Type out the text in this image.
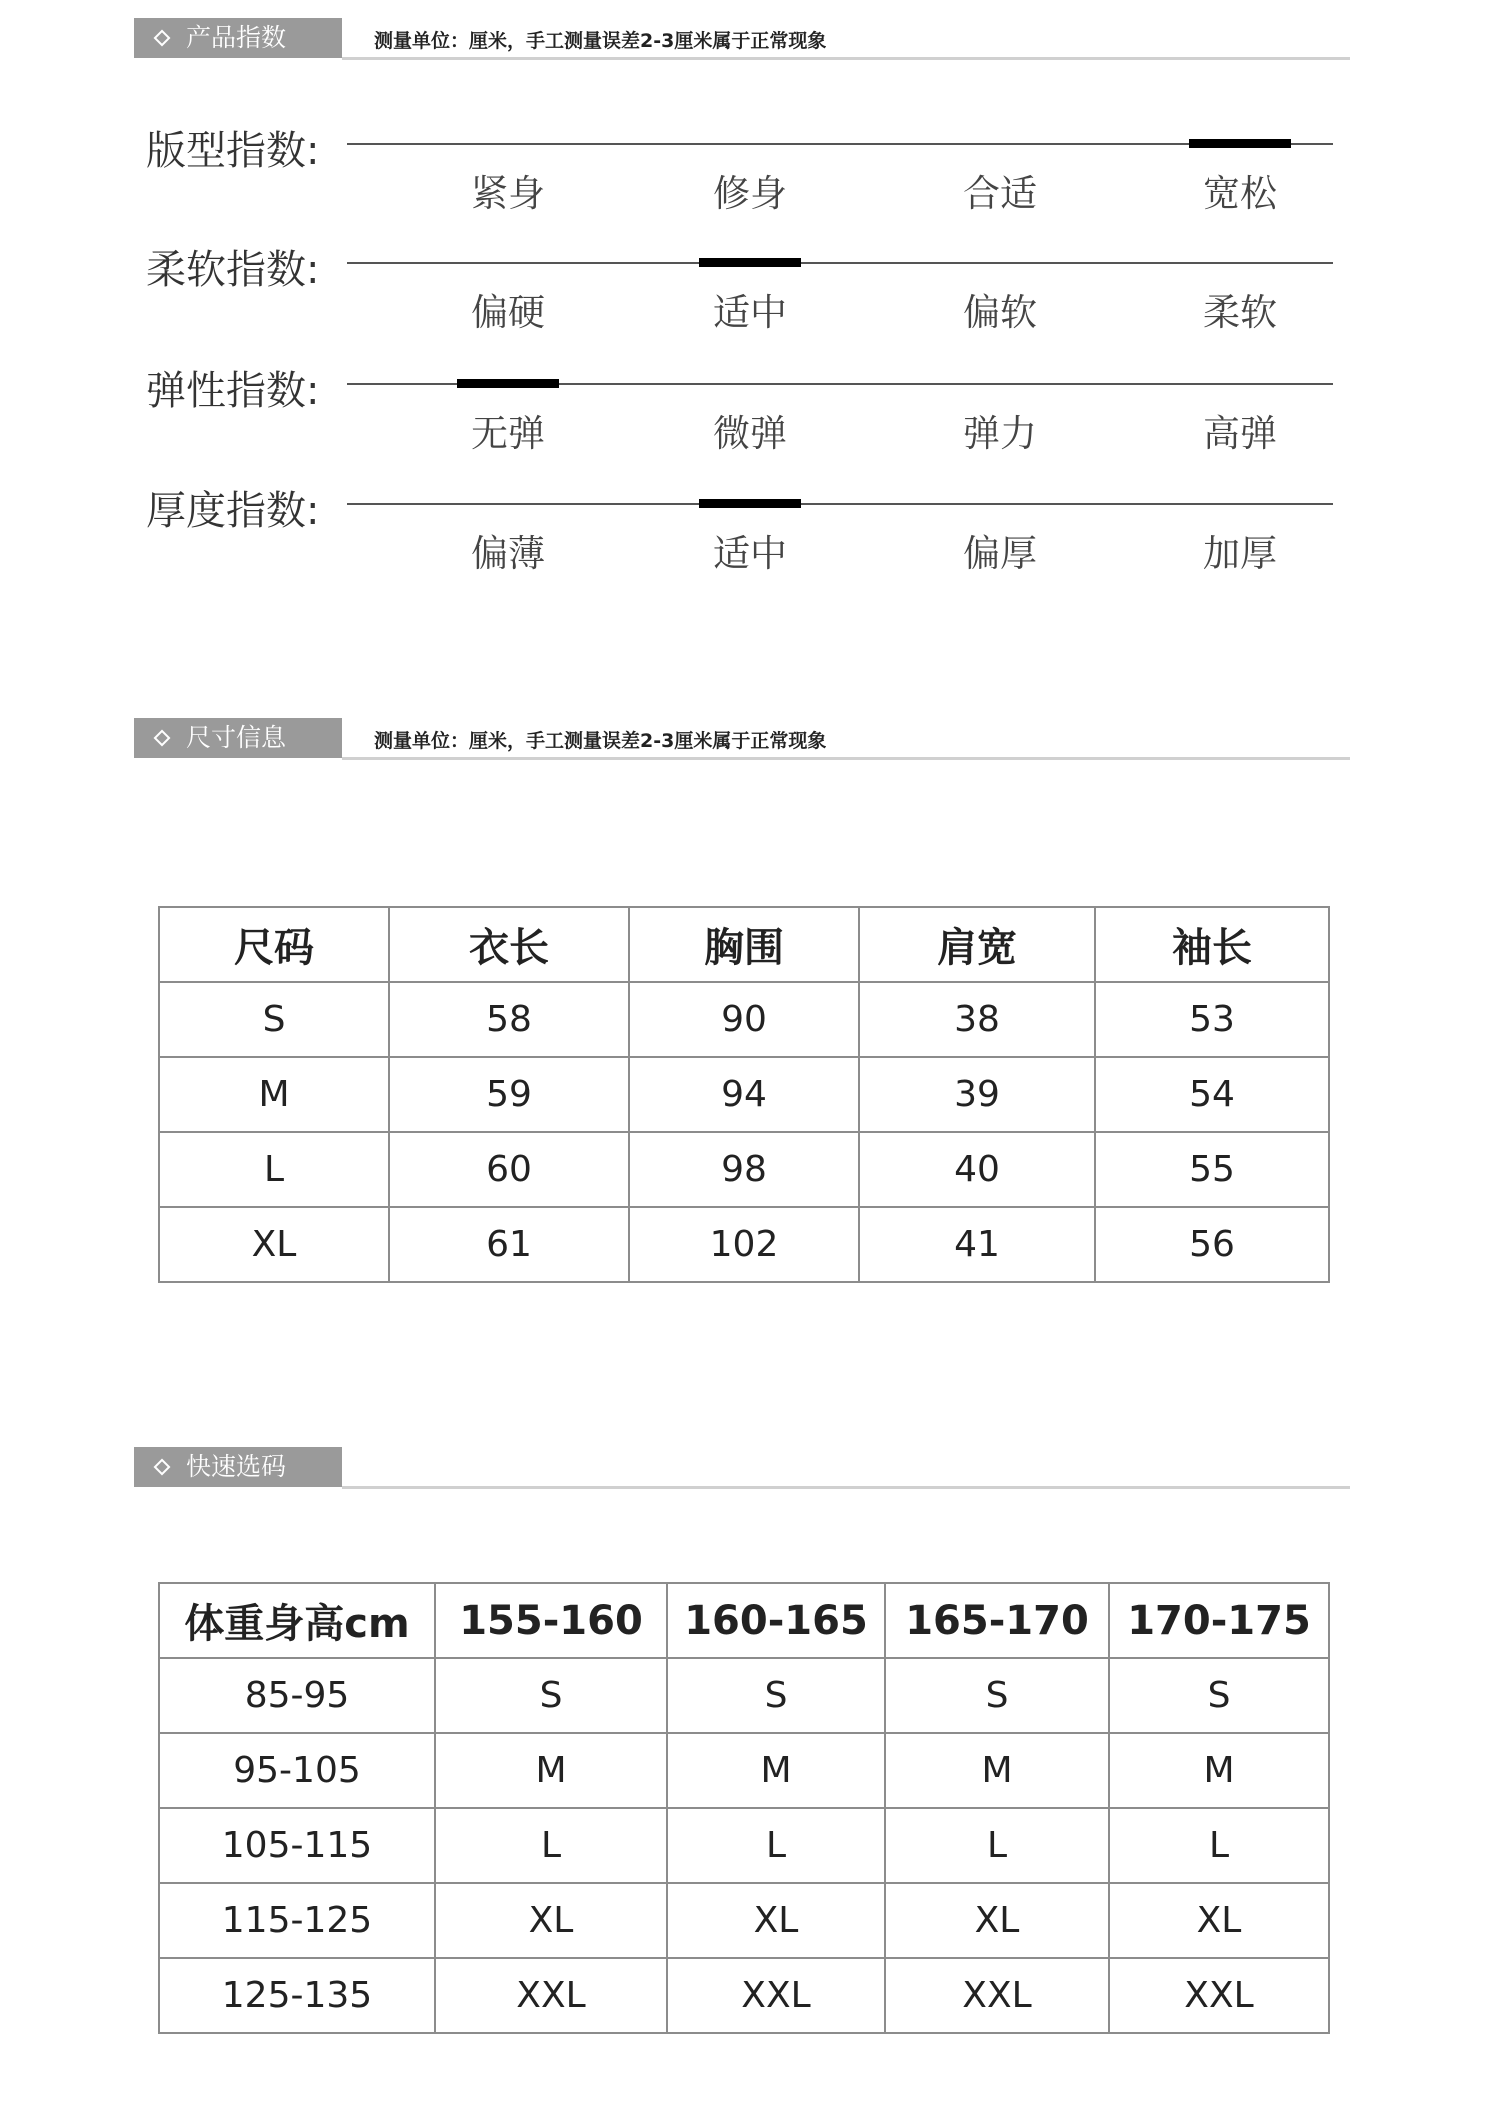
产品指数	测量单位：厘米，手工测量误差2-3厘米属于正常现象
版型指数:
紧身	修身	合适	宽松
柔软指数:
偏硬	适中	偏软	柔软
弹性指数:
无弹	微弹	弹力	高弹
厚度指数:
偏薄	适中	偏厚	加厚
尺寸信息	测量单位：厘米，手工测量误差2-3厘米属于正常现象
尺码	衣长	胸围	肩宽	袖长
S	58	90	38	53
M	59	94	39	54
L	60	98	40	55
XL	61	102	41	56
快速选码
体重身高cm	155-160	160-165	165-170	170-175
85-95	S	S	S	S
95-105	M	M	M	M
105-115	L	L	L	L
115-125	XL	XL	XL	XL
125-135	XXL	XXL	XXL	XXL
